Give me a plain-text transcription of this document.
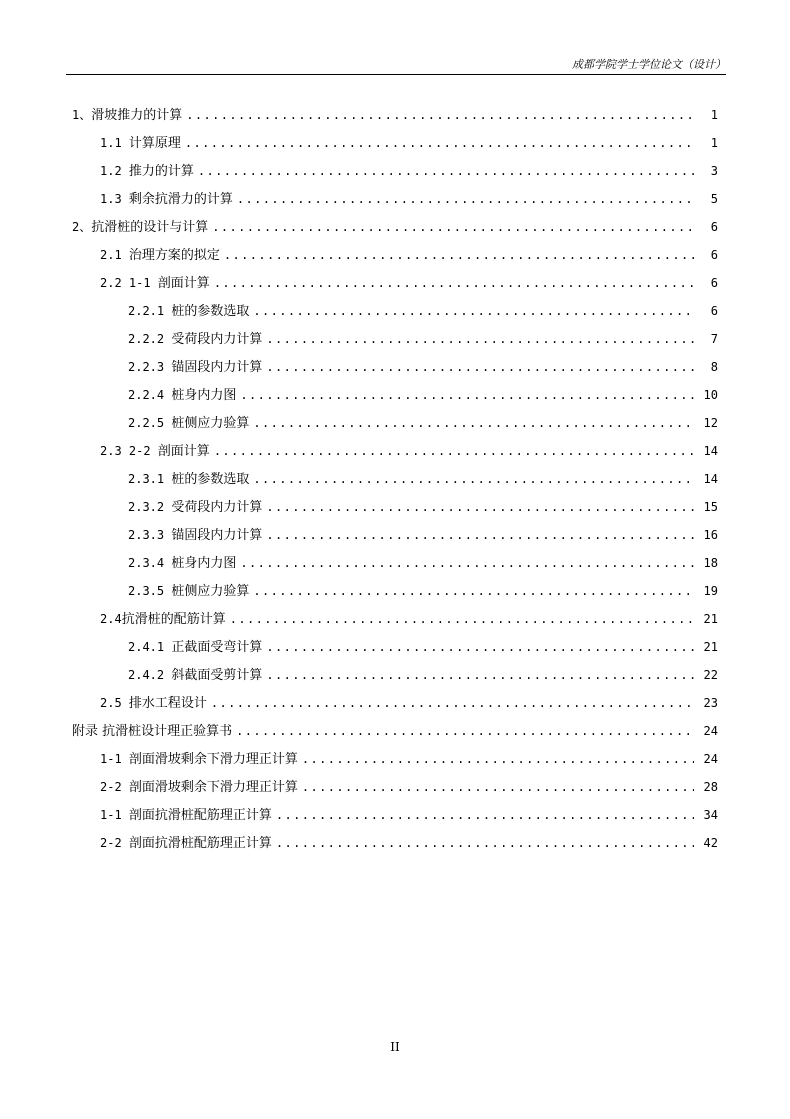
成都学院学士学位论文（设计）
1、 滑坡推力的计算 .....	1
1.1 计算原理 .....	1
1.2 推力的计算 .....	3
1.3 剩余抗滑力的计算 .....	5
2、 抗滑桩的设计与计算 .....	6
2.1 治理方案的拟定 .....	6
2.2 1-1 剖面计算 .....	6
2.2.1 桩的参数选取 .....	6
2.2.2 受荷段内力计算 .....	7
2.2.3 锚固段内力计算 .....	8
2.2.4 桩身内力图 .....	10
2.2.5 桩侧应力验算 .....	12
2.3 2-2 剖面计算 .....	14
2.3.1 桩的参数选取 .....	14
2.3.2 受荷段内力计算 .....	15
2.3.3 锚固段内力计算 .....	16
2.3.4 桩身内力图 .....	18
2.3.5 桩侧应力验算 .....	19
2.4 抗滑桩的配筋计算 .....	21
2.4.1 正截面受弯计算 .....	21
2.4.2 斜截面受剪计算 .....	22
2.5 排水工程设计 .....	23
附录 抗滑桩设计理正验算书 .....	24
1-1 剖面滑坡剩余下滑力理正计算 .....	24
2-2 剖面滑坡剩余下滑力理正计算 .....	28
1-1 剖面抗滑桩配筋理正计算 .....	34
2-2 剖面抗滑桩配筋理正计算 .....	42
II
